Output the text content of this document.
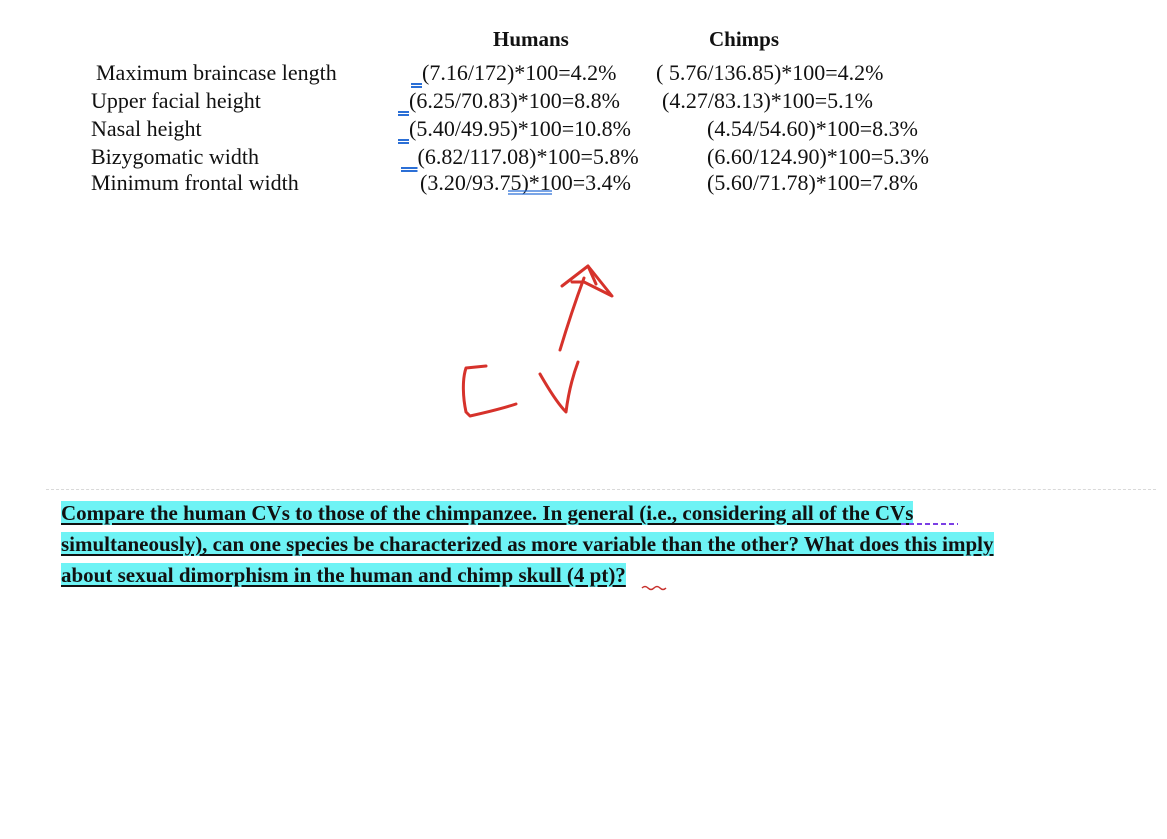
Humans	Chimps
Maximum braincase length
Upper facial height
Nasal height
Bizygomatic width
Minimum frontal width
(7.16/172)*100=4.2%
(6.25/70.83)*100=8.8%
(5.40/49.95)*100=10.8%
(6.82/117.08)*100=5.8%
(3.20/93.75)*100=3.4%
( 5.76/136.85)*100=4.2%
(4.27/83.13)*100=5.1%
(4.54/54.60)*100=8.3%
(6.60/124.90)*100=5.3%
(5.60/71.78)*100=7.8%
Compare the human CVs to those of the chimpanzee. In general (i.e., considering all of the CVs
simultaneously), can one species be characterized as more variable than the other? What does this imply
about sexual dimorphism in the human and chimp skull (4 pt)?
